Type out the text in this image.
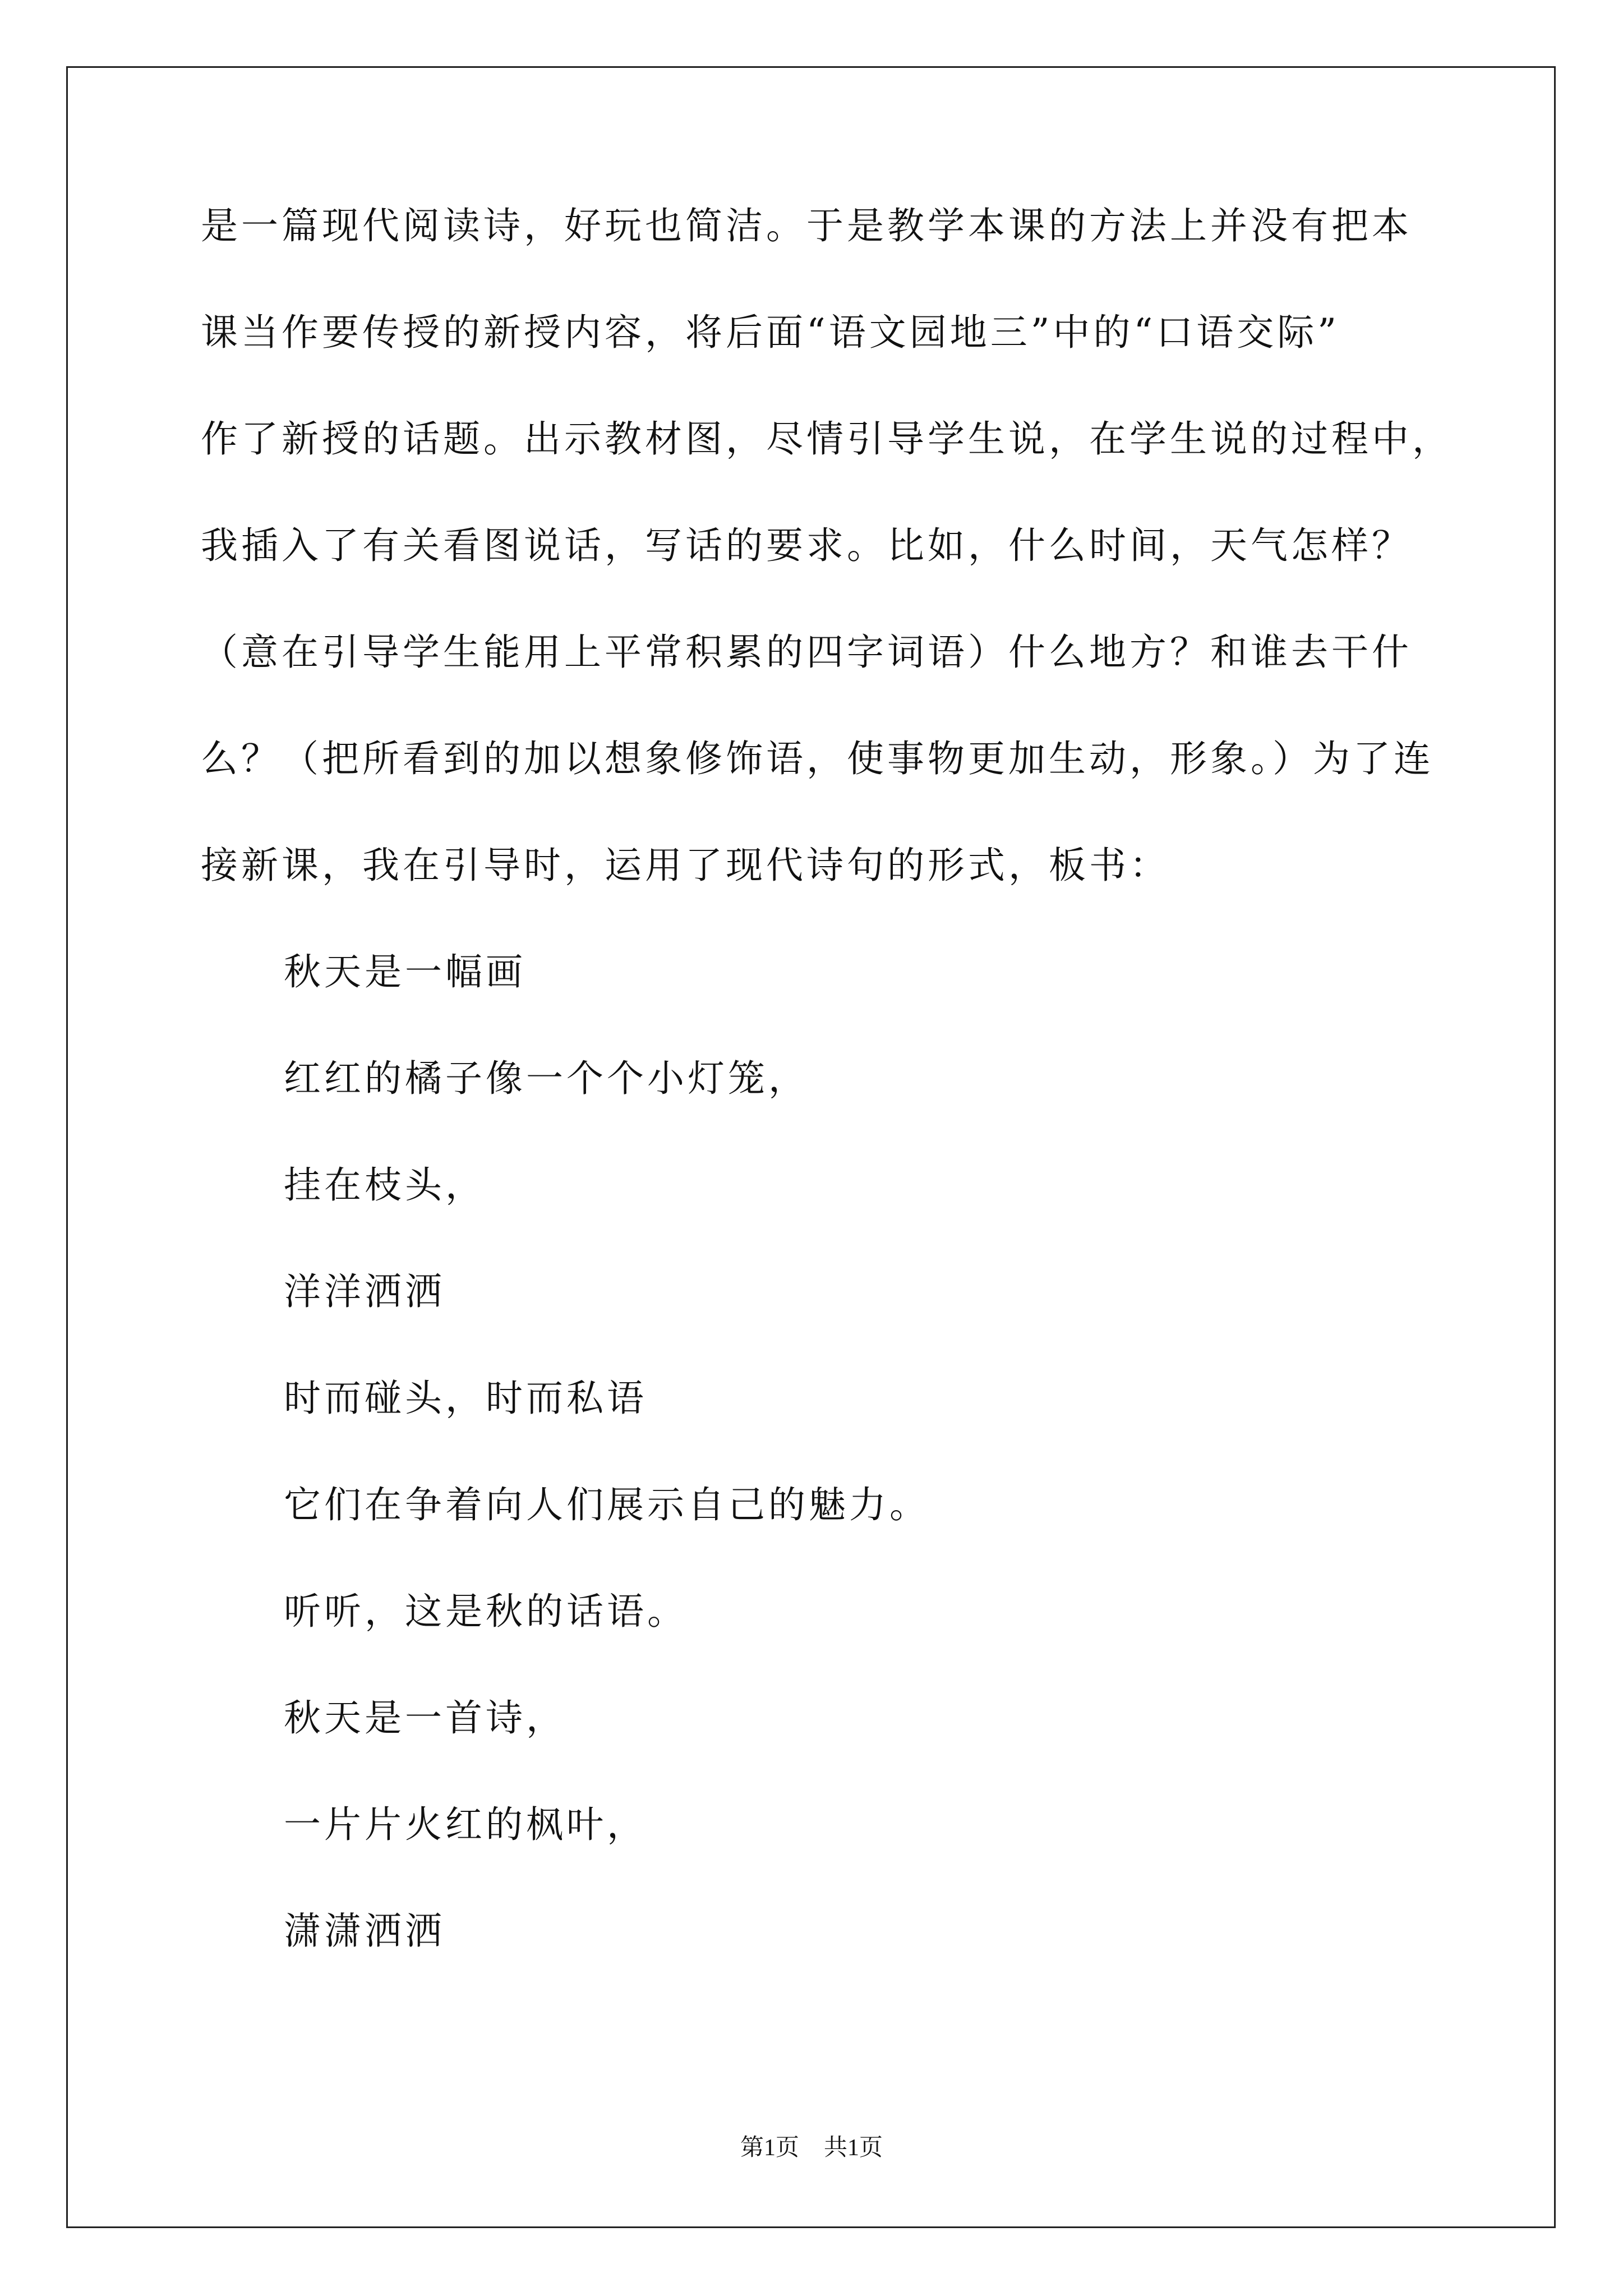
是一篇现代阅读诗，好玩也简洁。于是教学本课的方法上并没有把本
课当作要传授的新授内容，将后面“语文园地三”中的“口语交际”
作了新授的话题。出示教材图，尽情引导学生说，在学生说的过程中，
我插入了有关看图说话，写话的要求。比如，什么时间，天气怎样？
（意在引导学生能用上平常积累的四字词语）什么地方？和谁去干什
么？（把所看到的加以想象修饰语，使事物更加生动，形象。）为了连
接新课，我在引导时，运用了现代诗句的形式，板书：
秋天是一幅画
红红的橘子像一个个小灯笼，
挂在枝头，
洋洋洒洒
时而碰头，时而私语
它们在争着向人们展示自己的魅力。
听听，这是秋的话语。
秋天是一首诗，
一片片火红的枫叶，
潇潇洒洒
第1页 共1页
